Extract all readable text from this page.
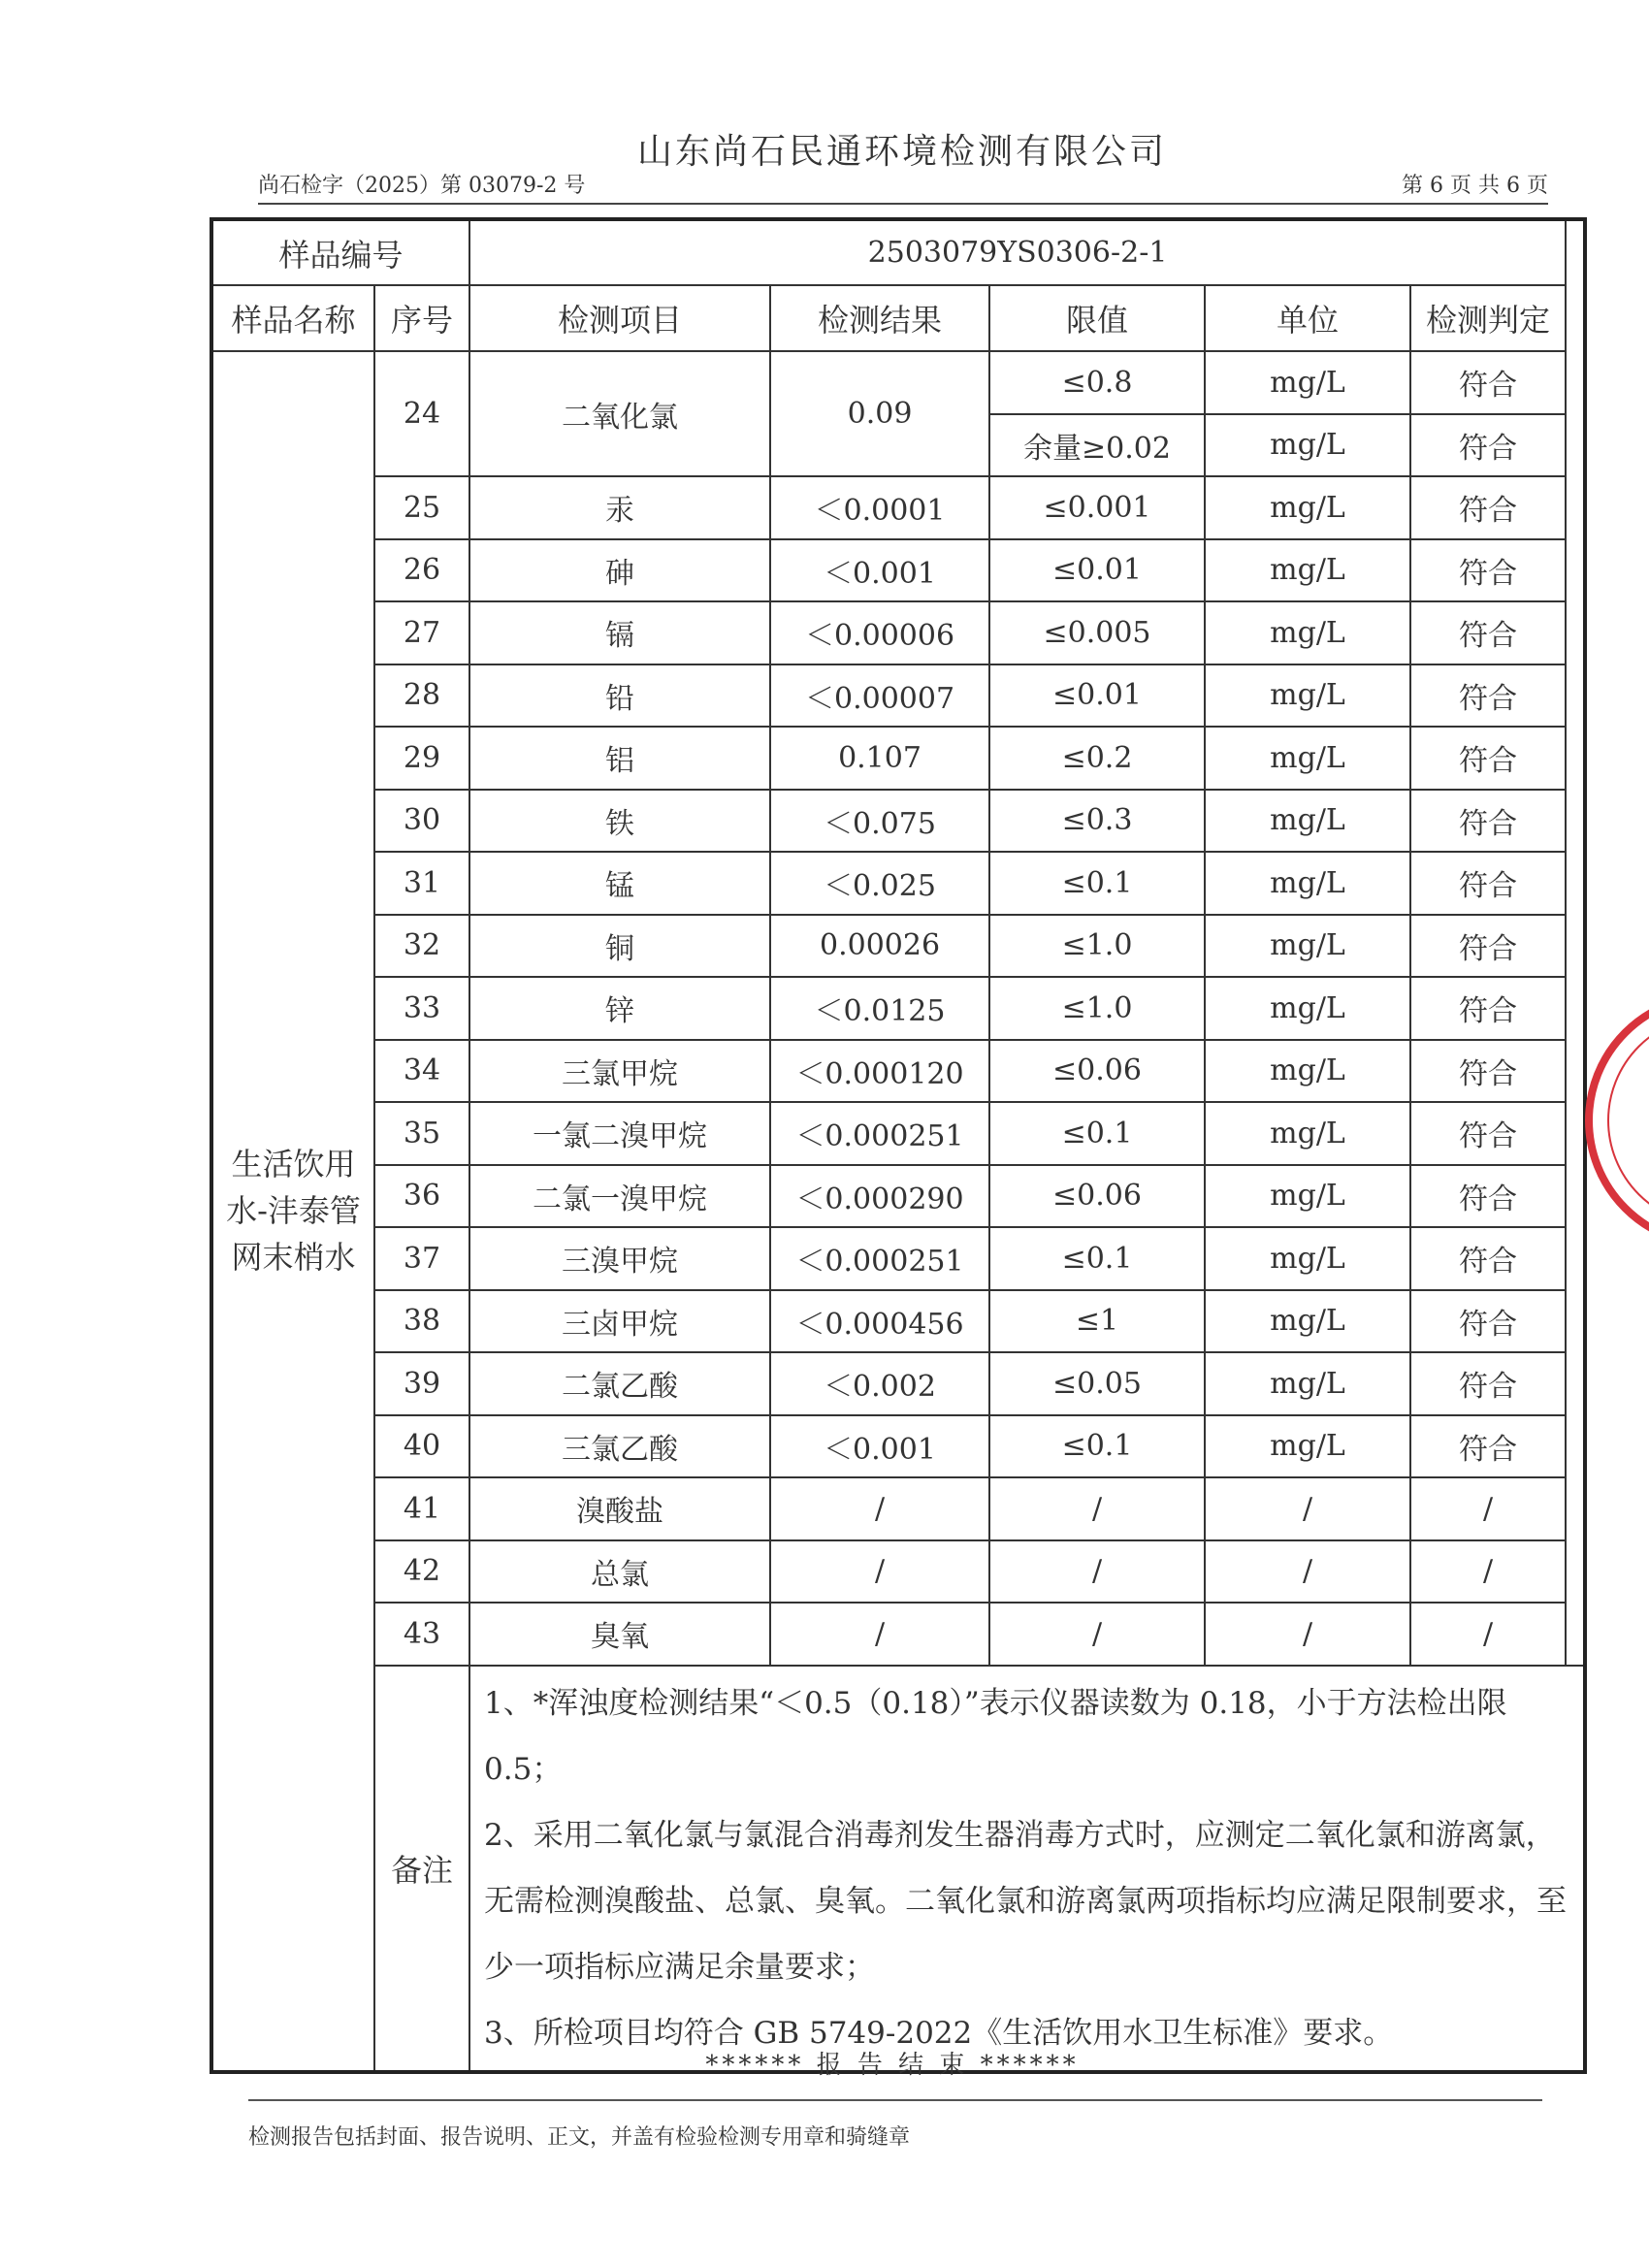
山东尚石民通环境检测有限公司
尚石检字（2025）第 03079-2 号	第 6 页 共 6 页
样品编号		2503079YS0306-2-1				
样品名称	序号	检测项目	检测结果	限值	单位	检测判定
生活饮用水-沣泰管网末梢水	24	二氧化氯	0.09	≤0.8	mg/L	符合
				余量≥0.02	mg/L	符合
	25	汞	＜0.0001	≤0.001	mg/L	符合
	26	砷	＜0.001	≤0.01	mg/L	符合
	27	镉	＜0.00006	≤0.005	mg/L	符合
	28	铅	＜0.00007	≤0.01	mg/L	符合
	29	铝	0.107	≤0.2	mg/L	符合
	30	铁	＜0.075	≤0.3	mg/L	符合
	31	锰	＜0.025	≤0.1	mg/L	符合
	32	铜	0.00026	≤1.0	mg/L	符合
	33	锌	＜0.0125	≤1.0	mg/L	符合
	34	三氯甲烷	＜0.000120	≤0.06	mg/L	符合
	35	一氯二溴甲烷	＜0.000251	≤0.1	mg/L	符合
	36	二氯一溴甲烷	＜0.000290	≤0.06	mg/L	符合
	37	三溴甲烷	＜0.000251	≤0.1	mg/L	符合
	38	三卤甲烷	＜0.000456	≤1	mg/L	符合
	39	二氯乙酸	＜0.002	≤0.05	mg/L	符合
	40	三氯乙酸	＜0.001	≤0.1	mg/L	符合
	41	溴酸盐	/	/	/	/
	42	总氯	/	/	/	/
	43	臭氧	/	/	/	/
	备注	1、*浑浊度检测结果“＜0.5（0.18）”表示仪器读数为 0.18，小于方法检出限 0.5；

2、采用二氧化氯与氯混合消毒剂发生器消毒方式时，应测定二氧化氯和游离氯，无需检测溴酸盐、总氯、臭氧。二氧化氯和游离氯两项指标均应满足限制要求，至少一项指标应满足余量要求；

3、所检项目均符合 GB 5749-2022《生活饮用水卫生标准》要求。				

****** 报 告 结 束 ******
检测报告包括封面、报告说明、正文，并盖有检验检测专用章和骑缝章
